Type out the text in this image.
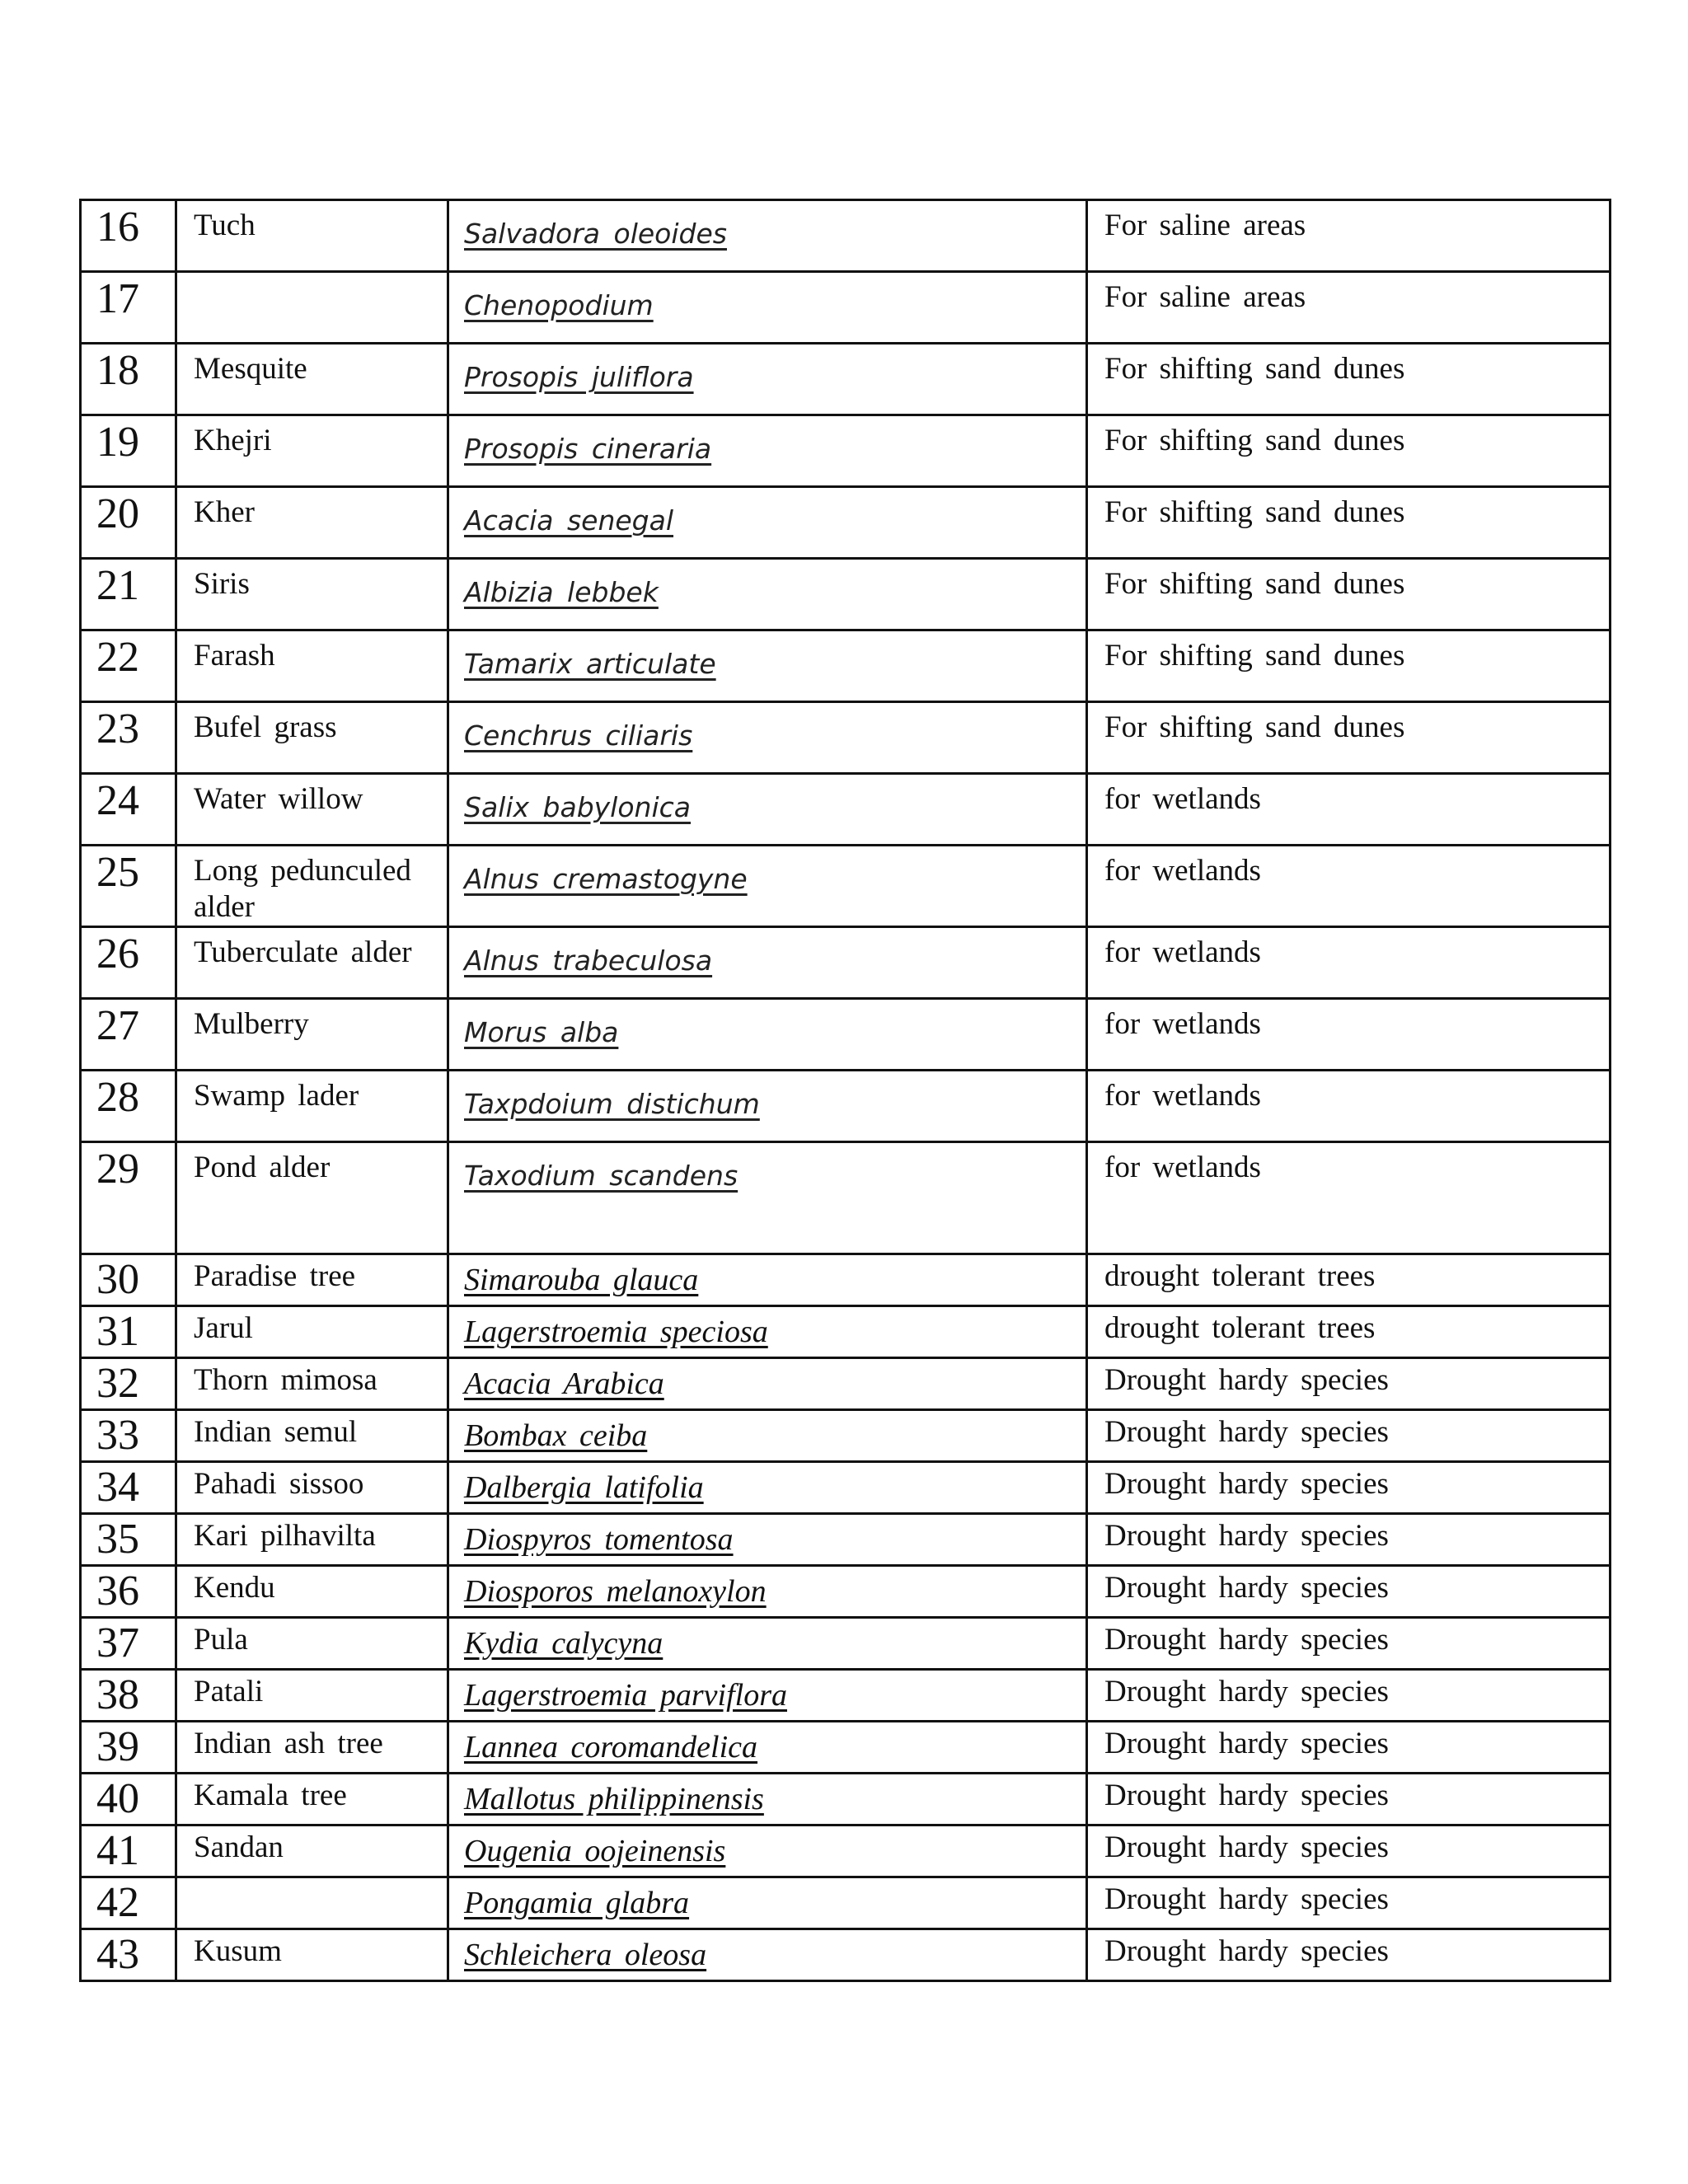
16	Tuch	Salvadora oleoides	For saline areas
17		Chenopodium	For saline areas
18	Mesquite	Prosopis juliflora	For shifting sand dunes
19	Khejri	Prosopis cineraria	For shifting sand dunes
20	Kher	Acacia senegal	For shifting sand dunes
21	Siris	Albizia lebbek	For shifting sand dunes
22	Farash	Tamarix articulate	For shifting sand dunes
23	Bufel grass	Cenchrus ciliaris	For shifting sand dunes
24	Water willow	Salix babylonica	for wetlands
25	Long pedunculed alder	Alnus cremastogyne	for wetlands
26	Tuberculate alder	Alnus trabeculosa	for wetlands
27	Mulberry	Morus alba	for wetlands
28	Swamp lader	Taxpdoium distichum	for wetlands
29	Pond alder	Taxodium scandens	for wetlands
30	Paradise tree	Simarouba glauca	drought tolerant trees
31	Jarul	Lagerstroemia speciosa	drought tolerant trees
32	Thorn mimosa	Acacia Arabica	Drought hardy species
33	Indian semul	Bombax ceiba	Drought hardy species
34	Pahadi sissoo	Dalbergia latifolia	Drought hardy species
35	Kari pilhavilta	Diospyros tomentosa	Drought hardy species
36	Kendu	Diosporos melanoxylon	Drought hardy species
37	Pula	Kydia calycyna	Drought hardy species
38	Patali	Lagerstroemia parviflora	Drought hardy species
39	Indian ash tree	Lannea coromandelica	Drought hardy species
40	Kamala tree	Mallotus philippinensis	Drought hardy species
41	Sandan	Ougenia oojeinensis	Drought hardy species
42		Pongamia glabra	Drought hardy species
43	Kusum	Schleichera oleosa	Drought hardy species
